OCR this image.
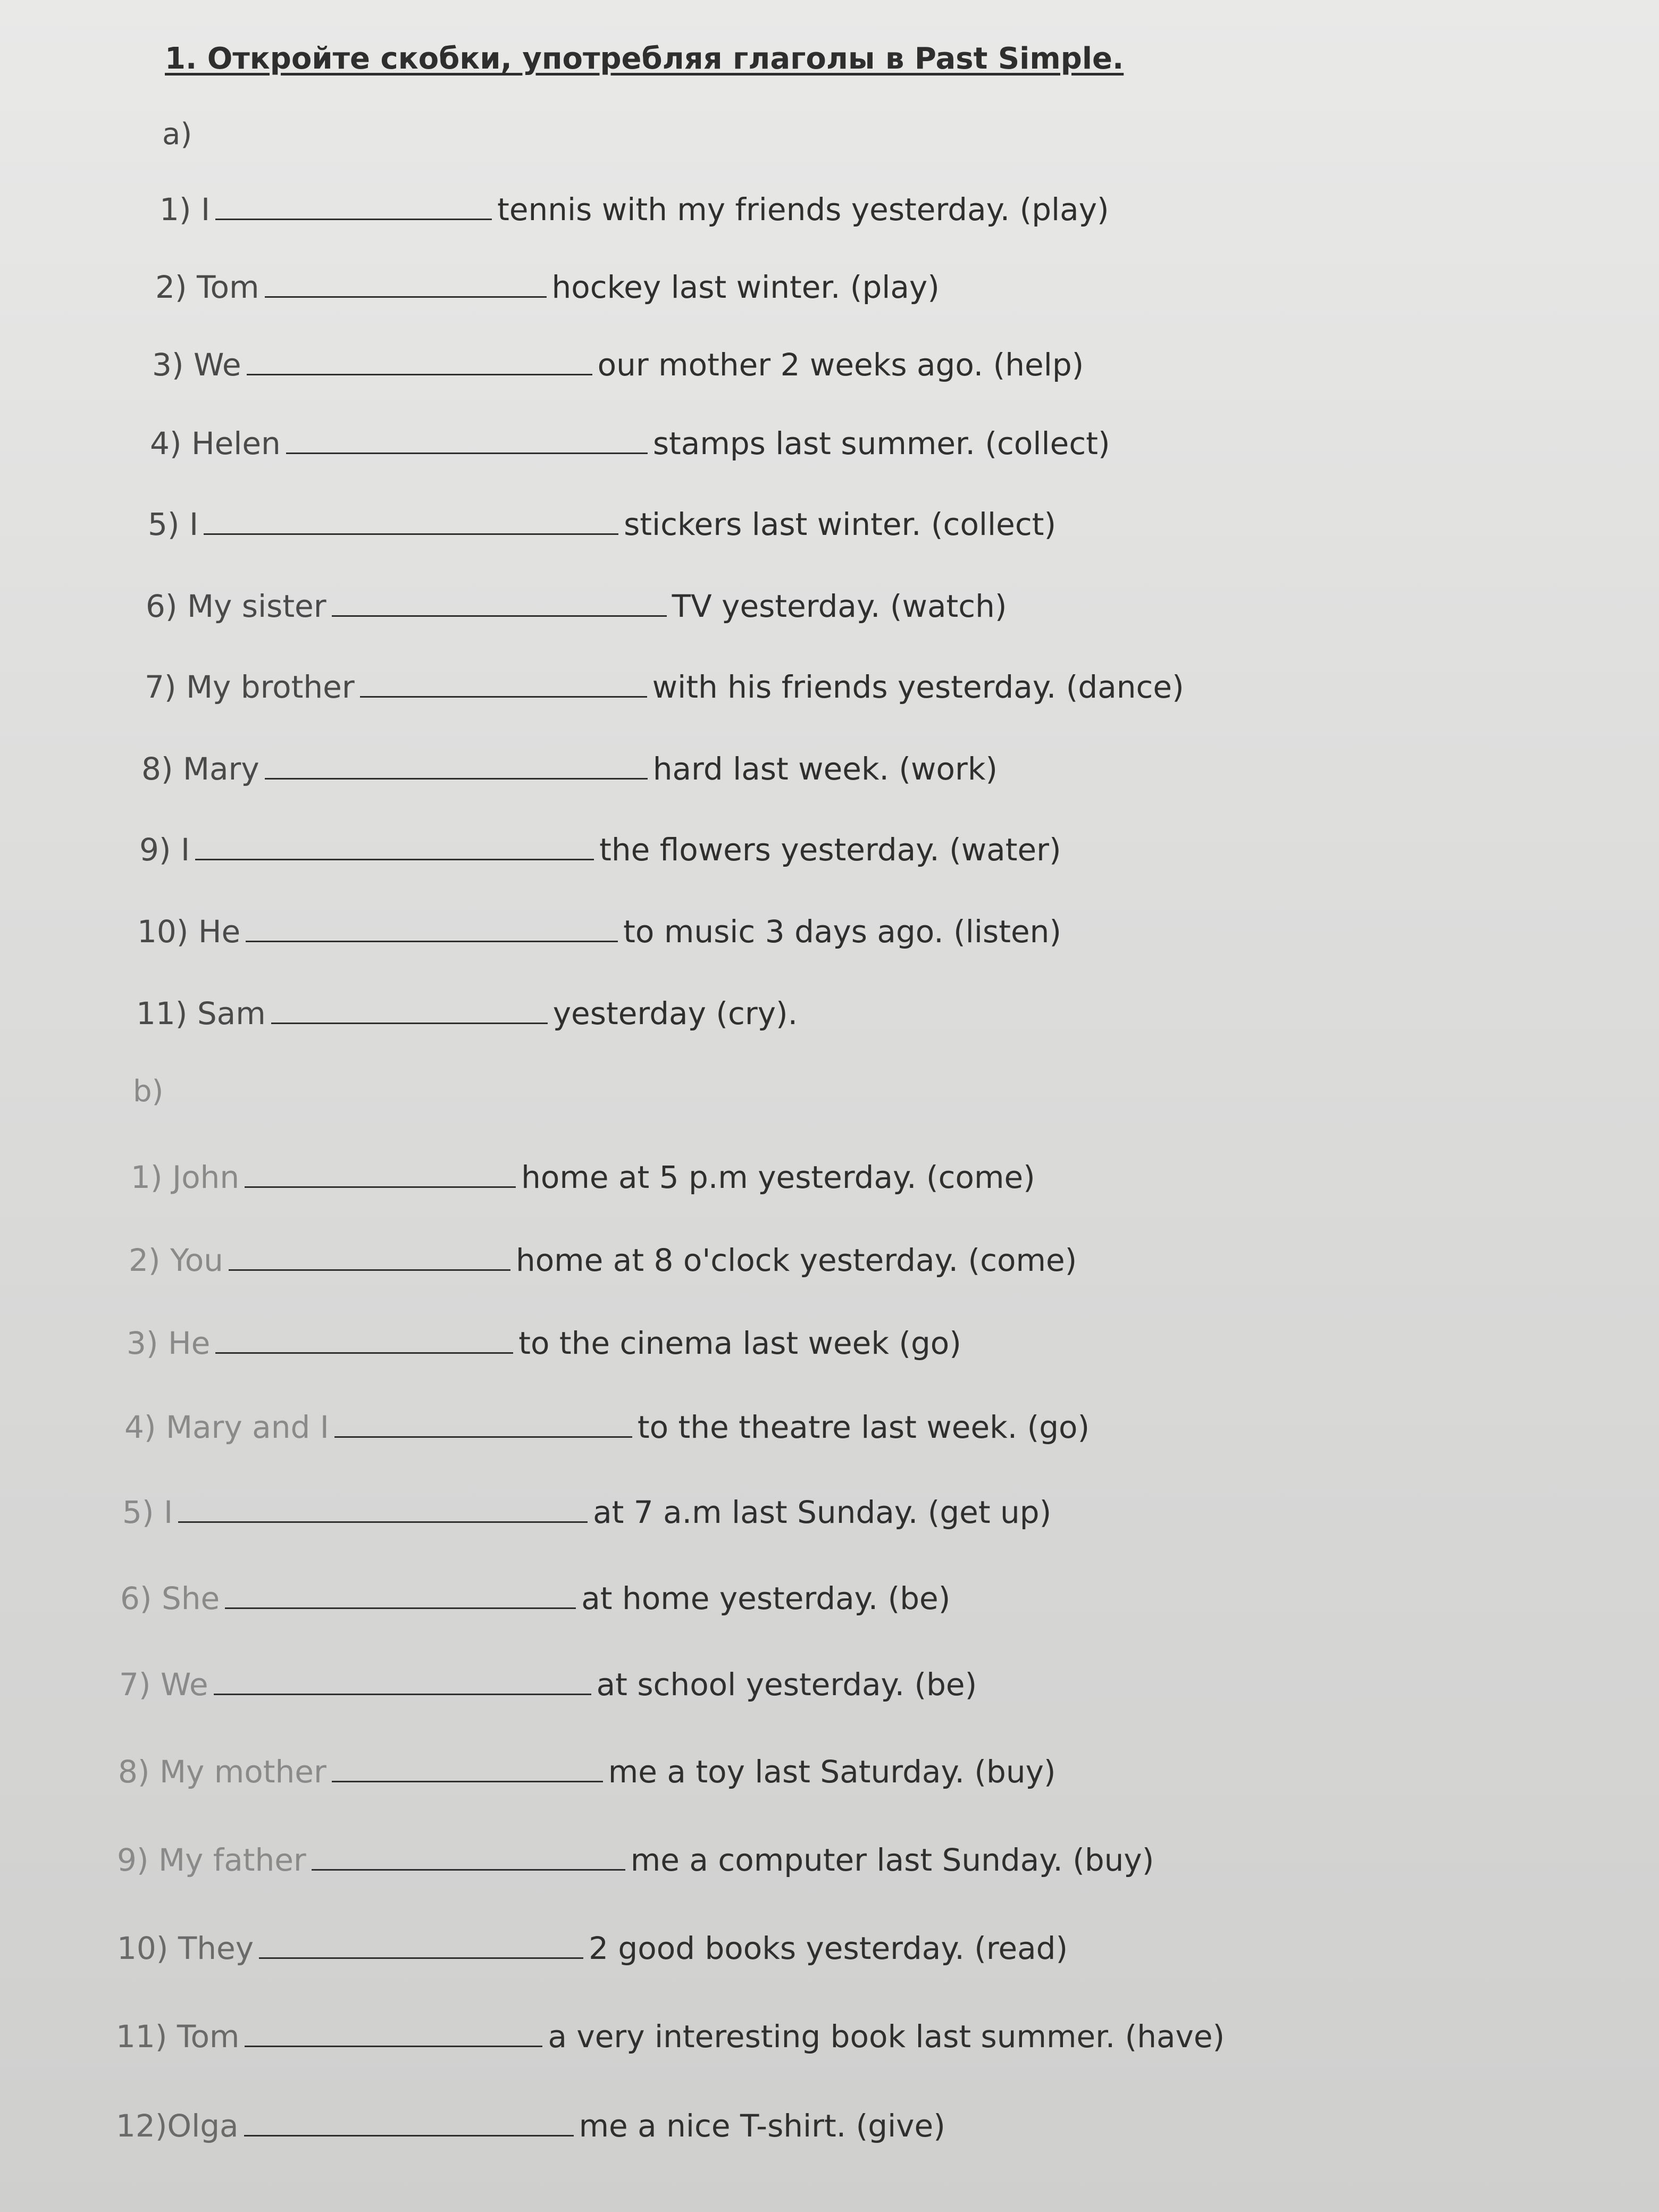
1. Откройте скобки, употребляя глаголы в Past Simple.
a)
1) I	tennis with my friends yesterday. (play)
2) Tom	hockey last winter. (play)
3) We	our mother 2 weeks ago. (help)
4) Helen	stamps last summer. (collect)
5) I	stickers last winter. (collect)
6) My sister	TV yesterday. (watch)
7) My brother	with his friends yesterday. (dance)
8) Mary	hard last week. (work)
9) I	the flowers yesterday. (water)
10) He	to music 3 days ago. (listen)
11) Sam	yesterday (cry).
b)
1) John	home at 5 p.m yesterday. (come)
2) You	home at 8 o'clock yesterday. (come)
3) He	to the cinema last week (go)
4) Mary and I	to the theatre last week. (go)
5) I	at 7 a.m last Sunday. (get up)
6) She	at home yesterday. (be)
7) We	at school yesterday. (be)
8) My mother	me a toy last Saturday. (buy)
9) My father	me a computer last Sunday. (buy)
10) They	2 good books yesterday. (read)
11) Tom	a very interesting book last summer. (have)
12)Olga	me a nice T-shirt. (give)
